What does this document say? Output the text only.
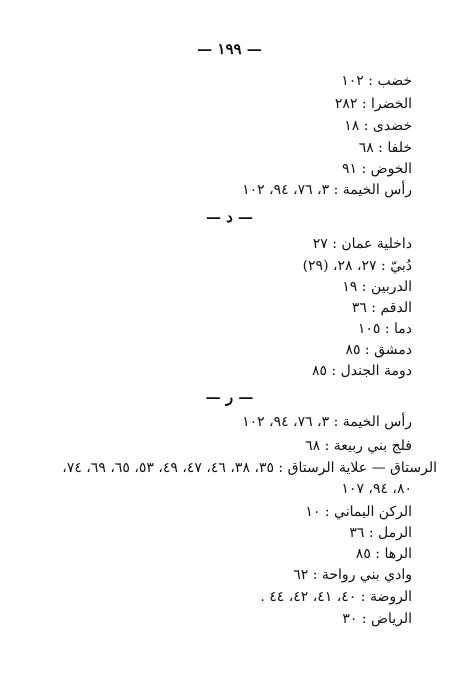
— ١٩٩ —
خضب : ١٠٢
الخضرا : ٢٨٢
خضدى : ١٨
خلفا : ٦٨
الخوض : ٩١
رأس الخيمة : ٣، ٧٦، ٩٤، ١٠٢
— د —
داخلية عمان : ٢٧
دُبيّ : ٢٧، ٢٨، (٢٩)
الدربين : ١٩
الدقم : ٣٦
دما : ١٠٥
دمشق : ٨٥
دومة الجندل : ٨٥
— ر —
رأس الخيمة : ٣، ٧٦، ٩٤، ١٠٢
فلج بني ربيعة : ٦٨
الرستاق — علاية الرستاق : ٣٥، ٣٨، ٤٦، ٤٧، ٤٩، ٥٣، ٦٥، ٦٩، ٧٤،
٨٠، ٩٤، ١٠٧
الركن اليماني : ١٠
الرمل : ٣٦
الرها : ٨٥
وادي بني رواحة : ٦٢
الروضة : ٤٠، ٤١، ٤٢، ٤٤ .
الرياض : ٣٠
